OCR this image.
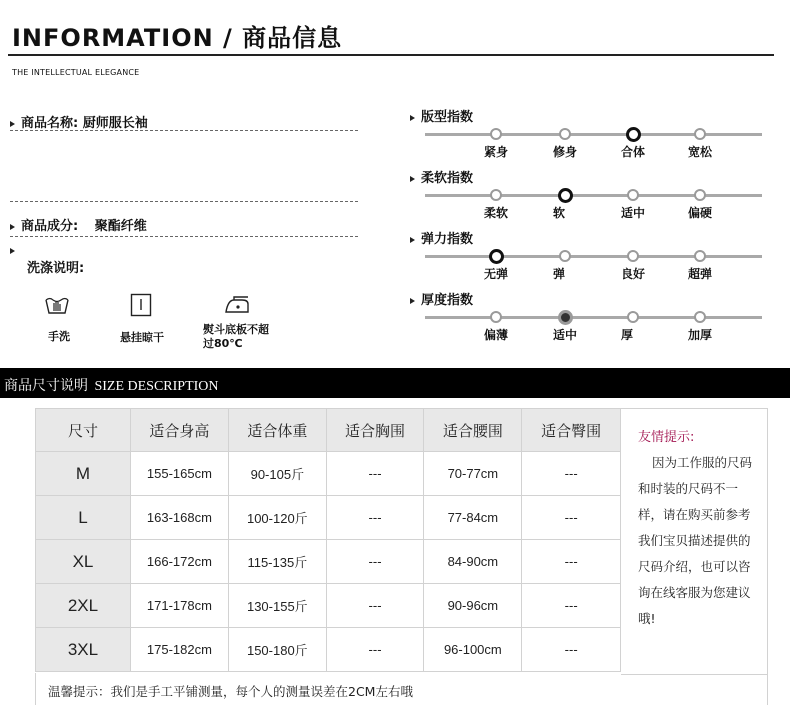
INFORMATION / 商品信息
THE INTELLECTUAL ELEGANCE
商品名称: 厨师服长袖
商品成分: 聚酯纤维
洗涤说明:
手洗	悬挂晾干
熨斗底板不超
过80℃
版型指数
紧身	修身	合体	宽松
柔软指数
柔软	软	适中	偏硬
弹力指数
无弹	弹	良好	超弹
厚度指数
偏薄	适中	厚	加厚
商品尺寸说明 SIZE DESCRIPTION
尺寸	适合身高	适合体重	适合胸围	适合腰围	适合臀围
M	155-165cm	90-105斤	---	70-77cm	---
L	163-168cm	100-120斤	---	77-84cm	---
XL	166-172cm	115-135斤	---	84-90cm	---
2XL	171-178cm	130-155斤	---	90-96cm	---
3XL	175-182cm	150-180斤	---	96-100cm	---
友情提示:
因为工作服的尺码和时装的尺码不一样，请在购买前参考我们宝贝描述提供的尺码介绍，也可以咨询在线客服为您建议哦!
温馨提示：我们是手工平铺测量，每个人的测量误差在2CM左右哦
